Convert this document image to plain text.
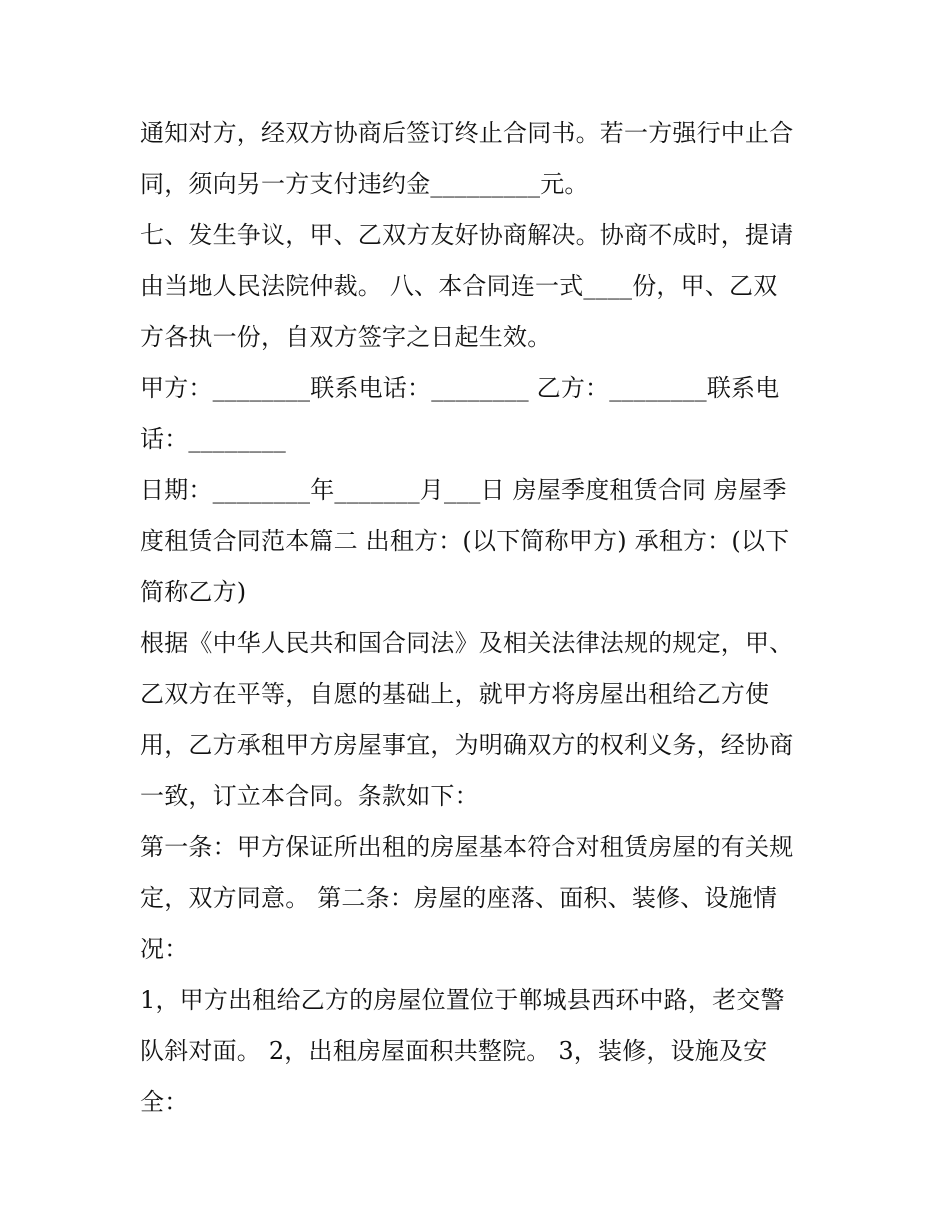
通知对方，经双方协商后签订终止合同书。若一方强行中止合
同，须向另一方支付违约金_________元。
七、发生争议，甲、乙双方友好协商解决。协商不成时，提请
由当地人民法院仲裁。 八、本合同连一式____份，甲、乙双
方各执一份，自双方签字之日起生效。
甲方：________联系电话：________ 乙方：________联系电
话：________
日期：________年_______月___日 房屋季度租赁合同 房屋季
度租赁合同范本篇二 出租方：(以下简称甲方) 承租方：(以下
简称乙方)
根据《中华人民共和国合同法》及相关法律法规的规定，甲、
乙双方在平等，自愿的基础上，就甲方将房屋出租给乙方使
用，乙方承租甲方房屋事宜，为明确双方的权利义务，经协商
一致，订立本合同。条款如下：
第一条：甲方保证所出租的房屋基本符合对租赁房屋的有关规
定，双方同意。 第二条：房屋的座落、面积、装修、设施情
况：
1，甲方出租给乙方的房屋位置位于郸城县西环中路，老交警
队斜对面。 2，出租房屋面积共整院。 3，装修，设施及安
全：
